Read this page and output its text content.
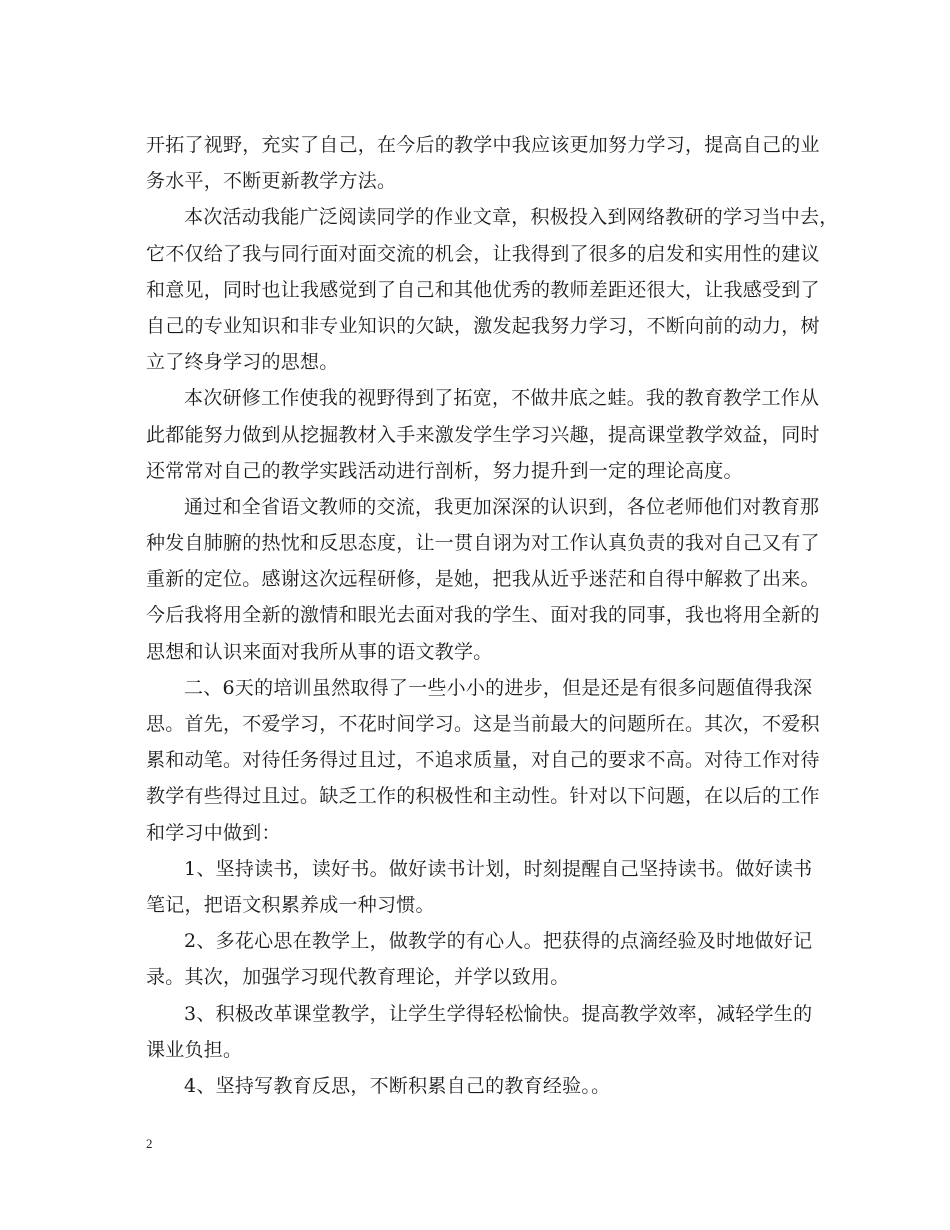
开拓了视野，充实了自己，在今后的教学中我应该更加努力学习，提高自己的业
务水平，不断更新教学方法。
本次活动我能广泛阅读同学的作业文章，积极投入到网络教研的学习当中去，
它不仅给了我与同行面对面交流的机会，让我得到了很多的启发和实用性的建议
和意见，同时也让我感觉到了自己和其他优秀的教师差距还很大，让我感受到了
自己的专业知识和非专业知识的欠缺，激发起我努力学习，不断向前的动力，树
立了终身学习的思想。
本次研修工作使我的视野得到了拓宽，不做井底之蛙。我的教育教学工作从
此都能努力做到从挖掘教材入手来激发学生学习兴趣，提高课堂教学效益，同时
还常常对自己的教学实践活动进行剖析，努力提升到一定的理论高度。
通过和全省语文教师的交流，我更加深深的认识到，各位老师他们对教育那
种发自肺腑的热忱和反思态度，让一贯自诩为对工作认真负责的我对自己又有了
重新的定位。感谢这次远程研修，是她，把我从近乎迷茫和自得中解救了出来。
今后我将用全新的激情和眼光去面对我的学生、面对我的同事，我也将用全新的
思想和认识来面对我所从事的语文教学。
二、6天的培训虽然取得了一些小小的进步，但是还是有很多问题值得我深
思。首先，不爱学习，不花时间学习。这是当前最大的问题所在。其次，不爱积
累和动笔。对待任务得过且过，不追求质量，对自己的要求不高。对待工作对待
教学有些得过且过。缺乏工作的积极性和主动性。针对以下问题，在以后的工作
和学习中做到：
1、坚持读书，读好书。做好读书计划，时刻提醒自己坚持读书。做好读书
笔记，把语文积累养成一种习惯。
2、多花心思在教学上，做教学的有心人。把获得的点滴经验及时地做好记
录。其次，加强学习现代教育理论，并学以致用。
3、积极改革课堂教学，让学生学得轻松愉快。提高教学效率，减轻学生的
课业负担。
4、坚持写教育反思，不断积累自己的教育经验。。
2
